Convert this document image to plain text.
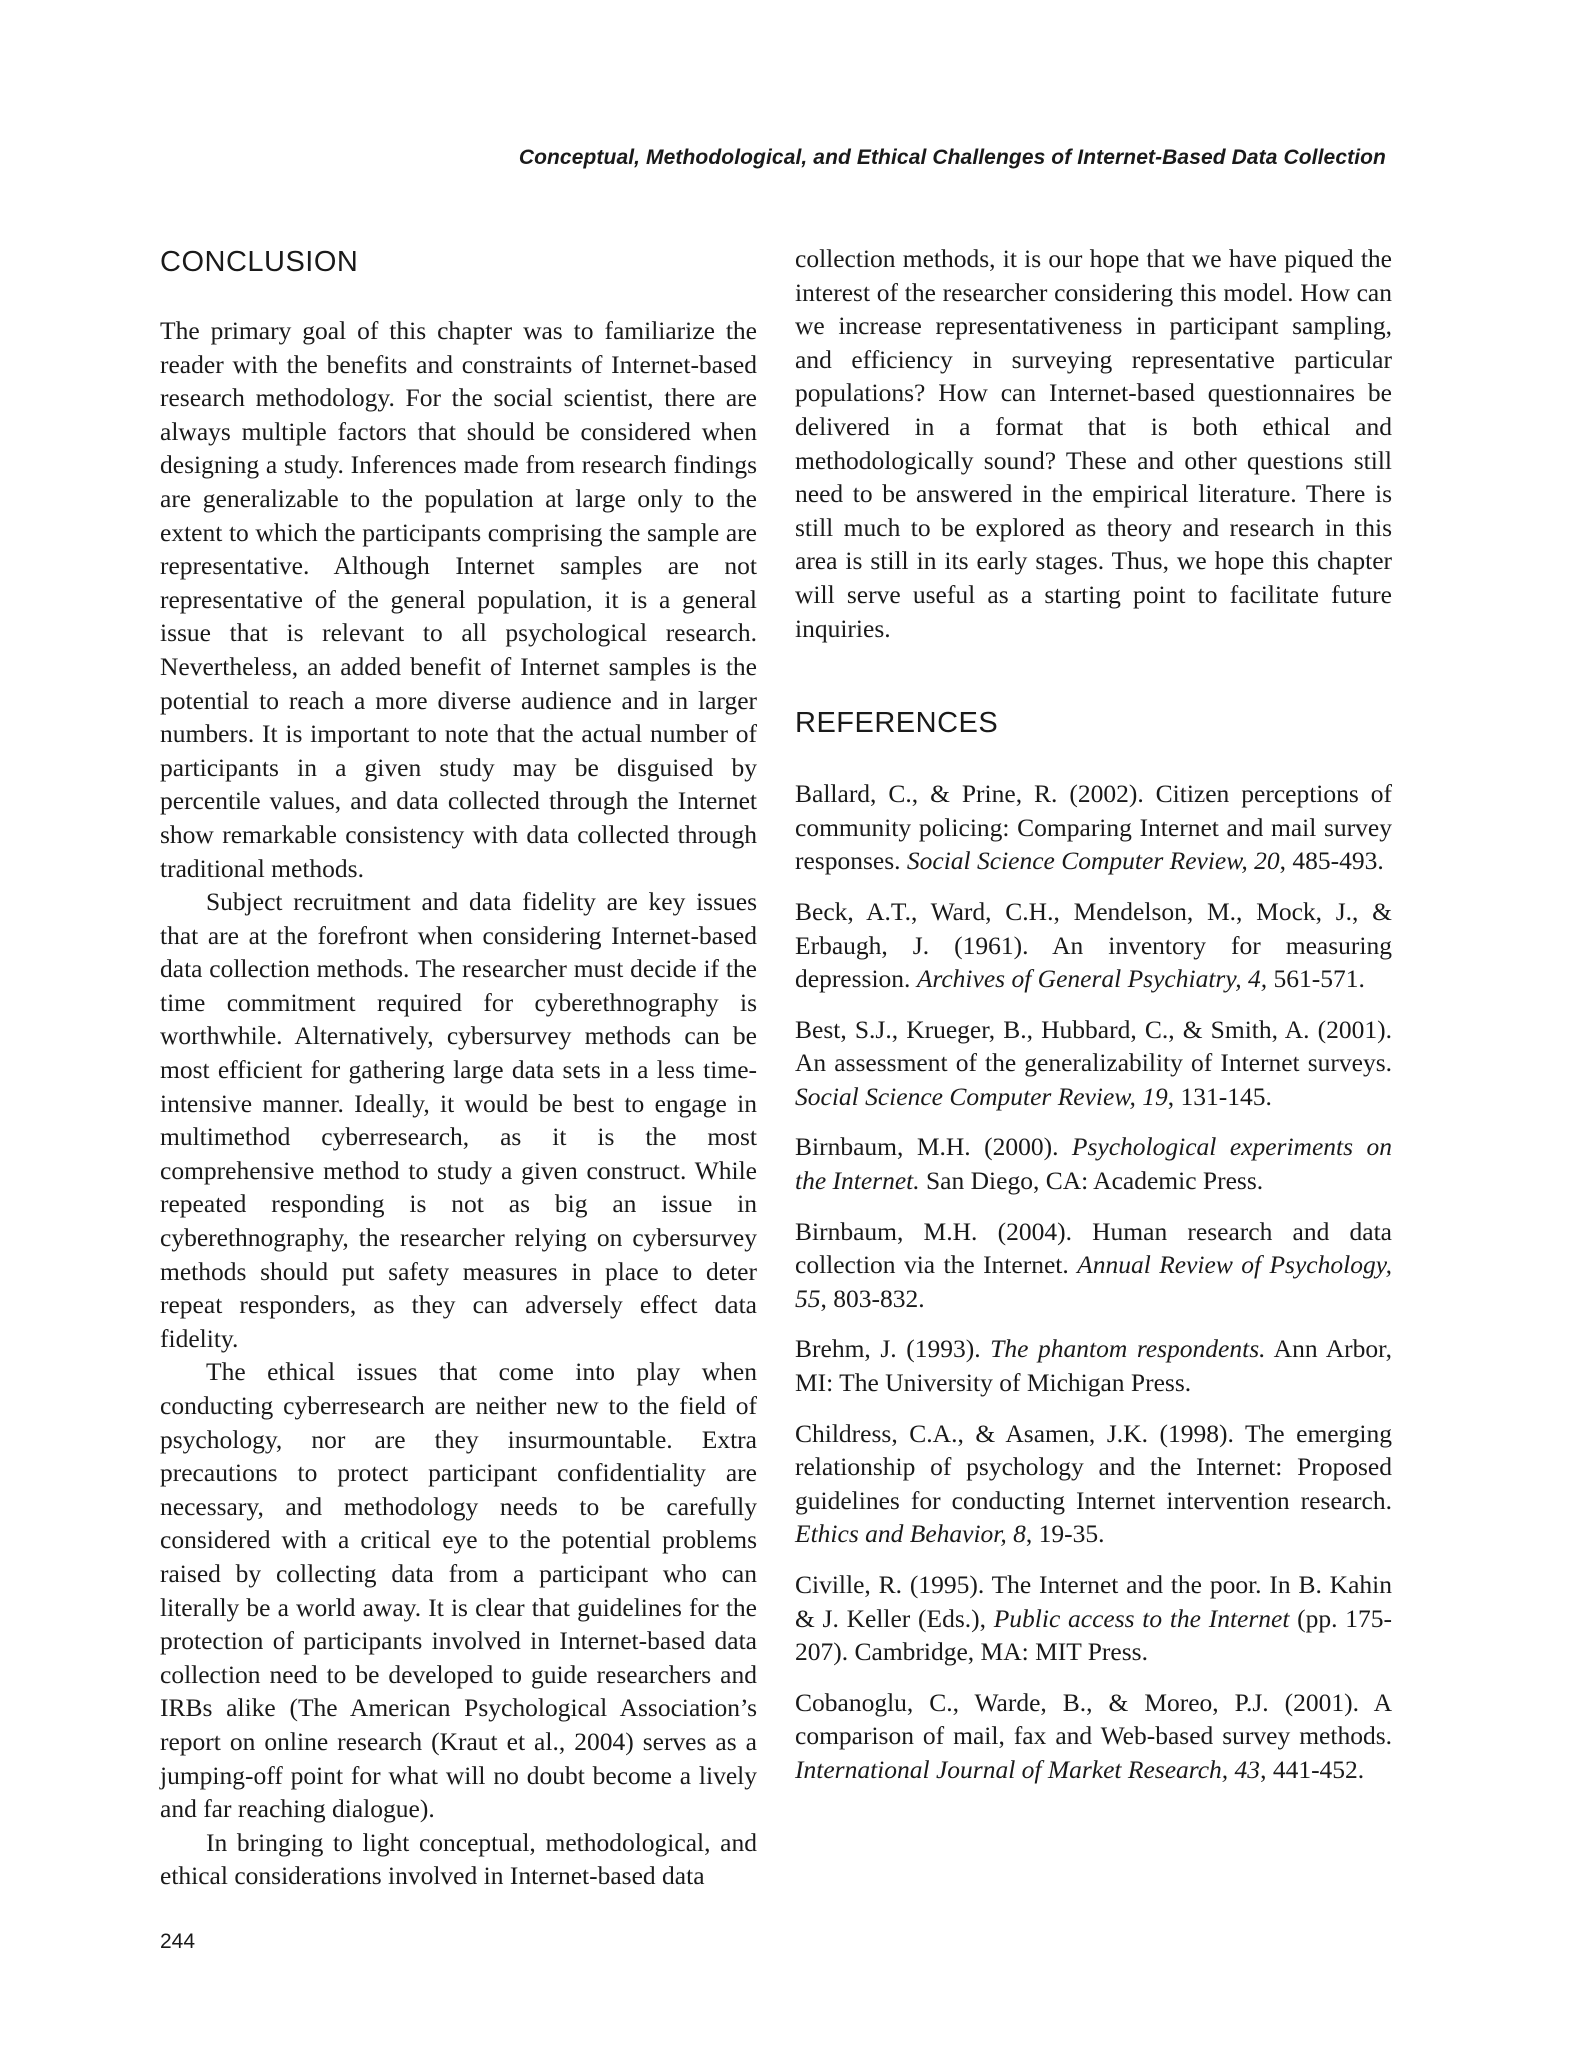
Conceptual, Methodological, and Ethical Challenges of Internet-Based Data Collection
CONCLUSION

The primary goal of this chapter was to familiarize the reader with the benefits and constraints of Internet-based research methodology. For the social scientist, there are always multiple factors that should be considered when designing a study. Inferences made from research findings are generalizable to the population at large only to the extent to which the participants comprising the sample are representative. Although Internet samples are not representative of the general population, it is a general issue that is relevant to all psychological research. Nevertheless, an added benefit of Internet samples is the potential to reach a more diverse audience and in larger numbers. It is important to note that the actual number of participants in a given study may be disguised by percentile values, and data collected through the Internet show remarkable consistency with data collected through traditional methods.

Subject recruitment and data fidelity are key issues that are at the forefront when considering Internet-based data collection methods. The researcher must decide if the time commitment required for cyberethnography is worthwhile. Alternatively, cybersurvey methods can be most efficient for gathering large data sets in a less time-intensive manner. Ideally, it would be best to engage in multimethod cyberresearch, as it is the most comprehensive method to study a given construct. While repeated responding is not as big an issue in cyberethnography, the researcher relying on cybersurvey methods should put safety measures in place to deter repeat responders, as they can adversely effect data fidelity.

The ethical issues that come into play when conducting cyberresearch are neither new to the field of psychology, nor are they insurmountable. Extra precautions to protect participant confidentiality are necessary, and methodology needs to be carefully considered with a critical eye to the potential problems raised by collecting data from a participant who can literally be a world away. It is clear that guidelines for the protection of participants involved in Internet-based data collection need to be developed to guide researchers and IRBs alike (The American Psychological Association’s report on online research (Kraut et al., 2004) serves as a jumping-off point for what will no doubt become a lively and far reaching dialogue).

In bringing to light conceptual, methodological, and ethical considerations involved in Internet-based data

collection methods, it is our hope that we have piqued the interest of the researcher considering this model. How can we increase representativeness in participant sampling, and efficiency in surveying representative particular populations? How can Internet-based questionnaires be delivered in a format that is both ethical and methodologically sound? These and other questions still need to be answered in the empirical literature. There is still much to be explored as theory and research in this area is still in its early stages. Thus, we hope this chapter will serve useful as a starting point to facilitate future inquiries.

REFERENCES

Ballard, C., & Prine, R. (2002). Citizen perceptions of community policing: Comparing Internet and mail survey responses. Social Science Computer Review, 20, 485-493.

Beck, A.T., Ward, C.H., Mendelson, M., Mock, J., & Erbaugh, J. (1961). An inventory for measuring depression. Archives of General Psychiatry, 4, 561-571.

Best, S.J., Krueger, B., Hubbard, C., & Smith, A. (2001). An assessment of the generalizability of Internet surveys. Social Science Computer Review, 19, 131-145.

Birnbaum, M.H. (2000). Psychological experiments on the Internet. San Diego, CA: Academic Press.

Birnbaum, M.H. (2004). Human research and data collection via the Internet. Annual Review of Psychology, 55, 803-832.

Brehm, J. (1993). The phantom respondents. Ann Arbor, MI: The University of Michigan Press.

Childress, C.A., & Asamen, J.K. (1998). The emerging relationship of psychology and the Internet: Proposed guidelines for conducting Internet intervention research. Ethics and Behavior, 8, 19-35.

Civille, R. (1995). The Internet and the poor. In B. Kahin & J. Keller (Eds.), Public access to the Internet (pp. 175-207). Cambridge, MA: MIT Press.

Cobanoglu, C., Warde, B., & Moreo, P.J. (2001). A comparison of mail, fax and Web-based survey methods. International Journal of Market Research, 43, 441-452.

244
